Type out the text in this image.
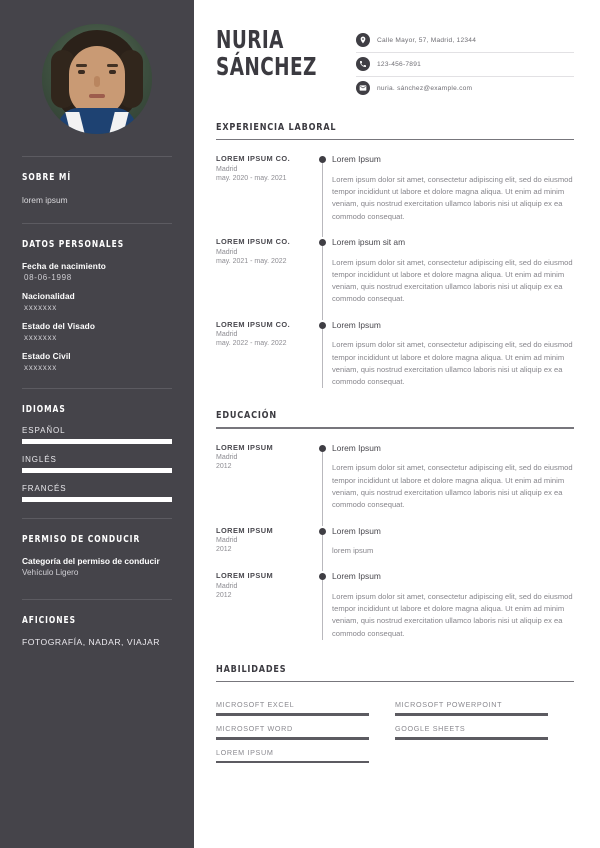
SOBRE MÍ
lorem ipsum
DATOS PERSONALES
Fecha de nacimiento
08-06-1998
Nacionalidad
xxxxxxx
Estado del Visado
xxxxxxx
Estado Civil
xxxxxxx
IDIOMAS
ESPAÑOL
INGLÉS
FRANCÉS
PERMISO DE CONDUCIR
Categoría del permiso de conducir
Vehículo Ligero
AFICIONES
FOTOGRAFÍA, NADAR, VIAJAR
NURIA
SÁNCHEZ
Calle Mayor, 57, Madrid, 12344
123-456-7891
nuria. sánchez@example.com
EXPERIENCIA LABORAL
LOREM IPSUM CO.
Madrid
may. 2020 - may. 2021
Lorem Ipsum
Lorem ipsum dolor sit amet, consectetur adipiscing elit, sed do eiusmod tempor incididunt ut labore et dolore magna aliqua. Ut enim ad minim veniam, quis nostrud exercitation ullamco laboris nisi ut aliquip ex ea commodo consequat.
LOREM IPSUM CO.
Madrid
may. 2021 - may. 2022
Lorem ipsum sit am
Lorem ipsum dolor sit amet, consectetur adipiscing elit, sed do eiusmod tempor incididunt ut labore et dolore magna aliqua. Ut enim ad minim veniam, quis nostrud exercitation ullamco laboris nisi ut aliquip ex ea commodo consequat.
LOREM IPSUM CO.
Madrid
may. 2022 - may. 2022
Lorem Ipsum
Lorem ipsum dolor sit amet, consectetur adipiscing elit, sed do eiusmod tempor incididunt ut labore et dolore magna aliqua. Ut enim ad minim veniam, quis nostrud exercitation ullamco laboris nisi ut aliquip ex ea commodo consequat.
EDUCACIÓN
LOREM IPSUM
Madrid
2012
Lorem Ipsum
Lorem ipsum dolor sit amet, consectetur adipiscing elit, sed do eiusmod tempor incididunt ut labore et dolore magna aliqua. Ut enim ad minim veniam, quis nostrud exercitation ullamco laboris nisi ut aliquip ex ea commodo consequat.
LOREM IPSUM
Madrid
2012
Lorem Ipsum
lorem ipsum
LOREM IPSUM
Madrid
2012
Lorem Ipsum
Lorem ipsum dolor sit amet, consectetur adipiscing elit, sed do eiusmod tempor incididunt ut labore et dolore magna aliqua. Ut enim ad minim veniam, quis nostrud exercitation ullamco laboris nisi ut aliquip ex ea commodo consequat.
HABILIDADES
MICROSOFT EXCEL	MICROSOFT POWERPOINT
MICROSOFT WORD	GOOGLE SHEETS
LOREM IPSUM
